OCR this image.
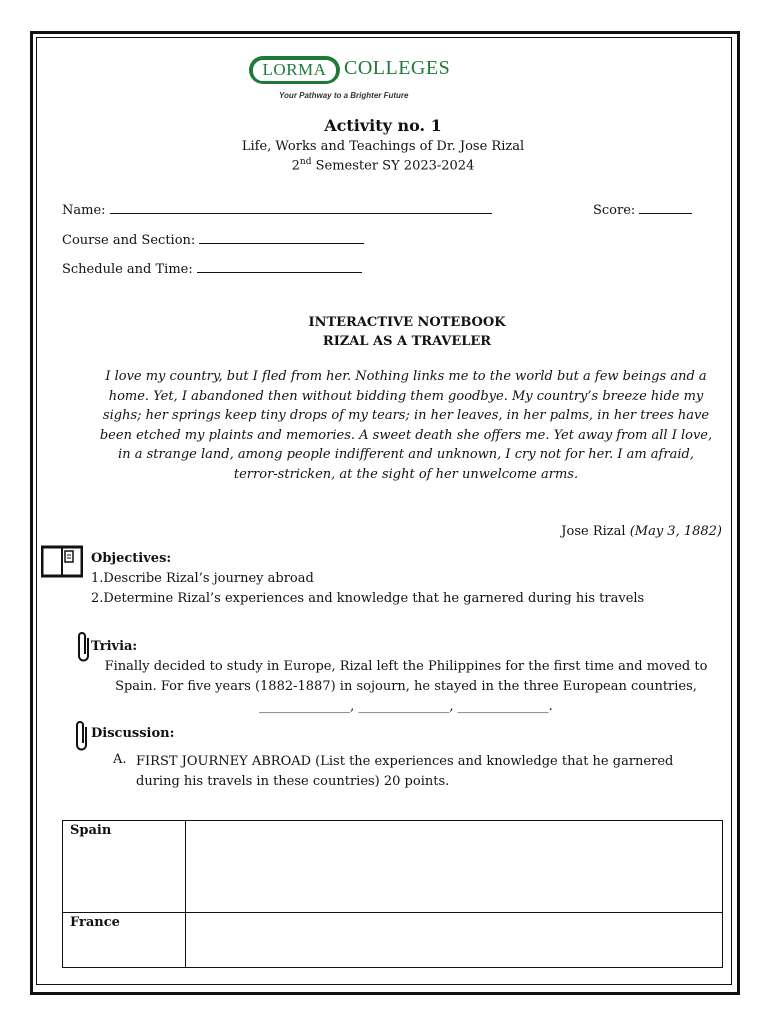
LORMA COLLEGES
Your Pathway to a Brighter Future
Activity no. 1
Life, Works and Teachings of Dr. Jose Rizal
2nd Semester SY 2023-2024
Name:	Score:
Course and Section:
Schedule and Time:
INTERACTIVE NOTEBOOK
RIZAL AS A TRAVELER
I love my country, but I fled from her. Nothing links me to the world but a few beings and a home. Yet, I abandoned then without bidding them goodbye. My country’s breeze hide my sighs; her springs keep tiny drops of my tears; in her leaves, in her palms, in her trees have been etched my plaints and memories. A sweet death she offers me. Yet away from all I love, in a strange land, among people indifferent and unknown, I cry not for her. I am afraid, terror-stricken, at the sight of her unwelcome arms.
Jose Rizal (May 3, 1882)
Objectives:
1.Describe Rizal’s journey abroad
2.Determine Rizal’s experiences and knowledge that he garnered during his travels
Trivia:
Finally decided to study in Europe, Rizal left the Philippines for the first time and moved to Spain. For five years (1882-1887) in sojourn, he stayed in the three European countries, ______________, ______________, ______________.
Discussion:
A. FIRST JOURNEY ABROAD (List the experiences and knowledge that he garnered during his travels in these countries) 20 points.
Spain	
France	
